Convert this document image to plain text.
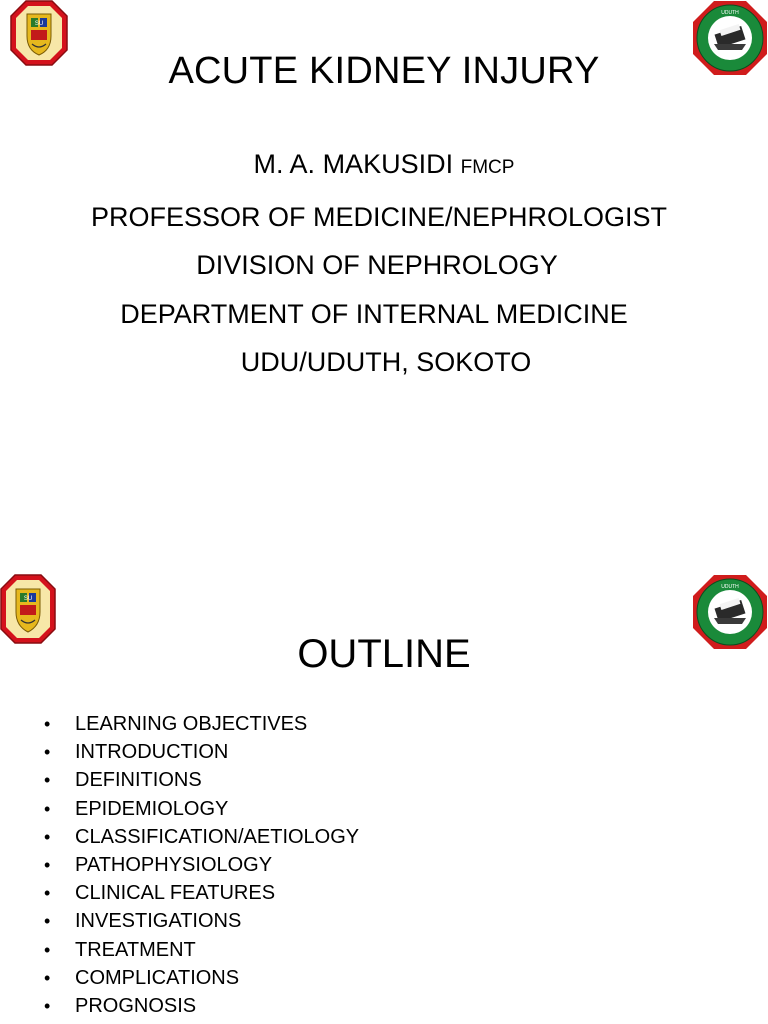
SU
UDUTH
ACUTE KIDNEY INJURY
M. A. MAKUSIDI FMCP
PROFESSOR OF MEDICINE/NEPHROLOGIST
DIVISION OF NEPHROLOGY
DEPARTMENT OF INTERNAL MEDICINE
UDU/UDUTH, SOKOTO
SU
UDUTH
OUTLINE
• LEARNING OBJECTIVES
• INTRODUCTION
• DEFINITIONS
• EPIDEMIOLOGY
• CLASSIFICATION/AETIOLOGY
• PATHOPHYSIOLOGY
• CLINICAL FEATURES
• INVESTIGATIONS
• TREATMENT
• COMPLICATIONS
• PROGNOSIS
